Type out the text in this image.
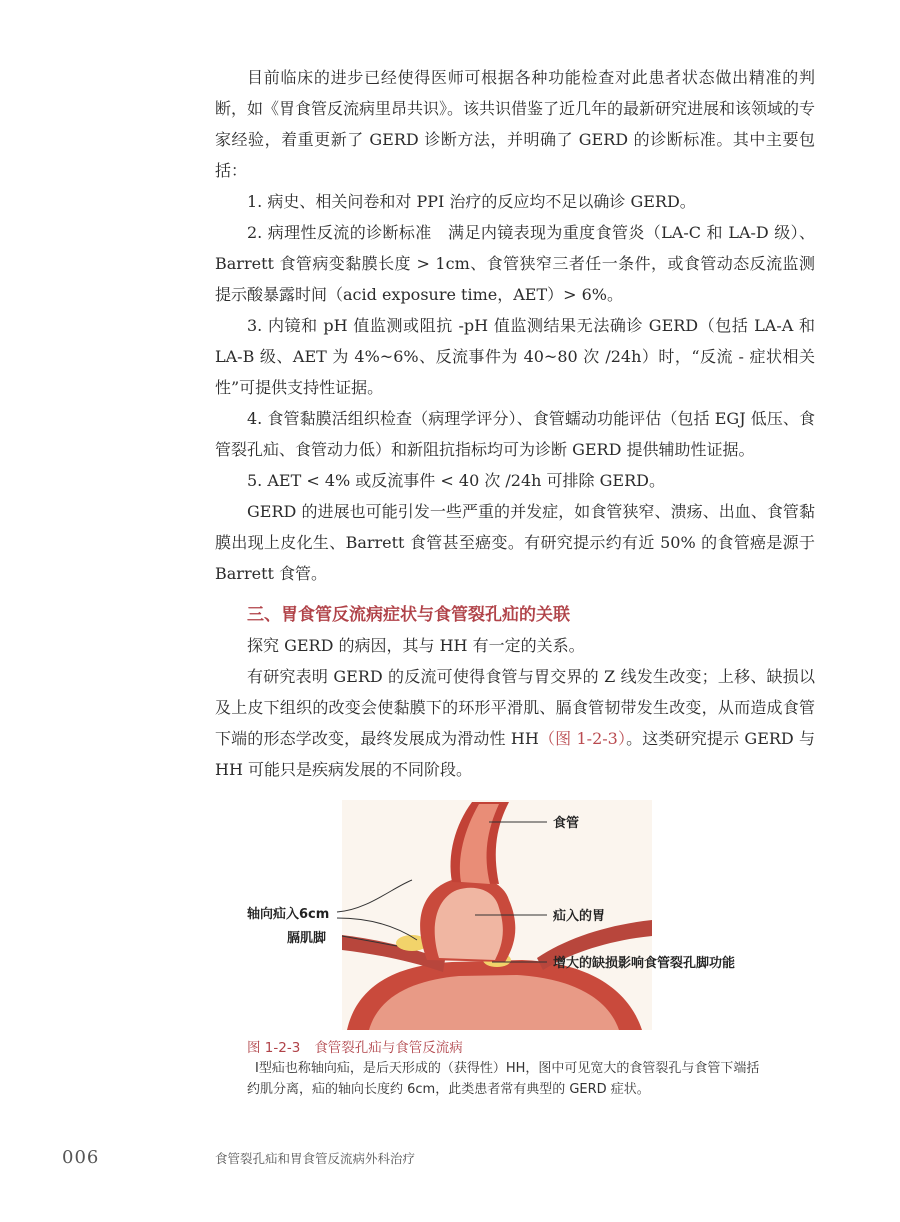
目前临床的进步已经使得医师可根据各种功能检查对此患者状态做出精准的判断，如《胃食管反流病里昂共识》。该共识借鉴了近几年的最新研究进展和该领域的专家经验，着重更新了 GERD 诊断方法，并明确了 GERD 的诊断标准。其中主要包括：

1. 病史、相关问卷和对 PPI 治疗的反应均不足以确诊 GERD。

2. 病理性反流的诊断标准　满足内镜表现为重度食管炎（LA-C 和 LA-D 级）、Barrett 食管病变黏膜长度 > 1cm、食管狭窄三者任一条件，或食管动态反流监测提示酸暴露时间（acid exposure time，AET）> 6%。

3. 内镜和 pH 值监测或阻抗 -pH 值监测结果无法确诊 GERD（包括 LA-A 和 LA-B 级、AET 为 4%~6%、反流事件为 40~80 次 /24h）时，“反流 - 症状相关性”可提供支持性证据。

4. 食管黏膜活组织检查（病理学评分）、食管蠕动功能评估（包括 EGJ 低压、食管裂孔疝、食管动力低）和新阻抗指标均可为诊断 GERD 提供辅助性证据。

5. AET < 4% 或反流事件 < 40 次 /24h 可排除 GERD。

GERD 的进展也可能引发一些严重的并发症，如食管狭窄、溃疡、出血、食管黏膜出现上皮化生、Barrett 食管甚至癌变。有研究提示约有近 50% 的食管癌是源于 Barrett 食管。

三、胃食管反流病症状与食管裂孔疝的关联

探究 GERD 的病因，其与 HH 有一定的关系。

有研究表明 GERD 的反流可使得食管与胃交界的 Z 线发生改变；上移、缺损以及上皮下组织的改变会使黏膜下的环形平滑肌、膈食管韧带发生改变，从而造成食管下端的形态学改变，最终发展成为滑动性 HH（图 1-2-3）。这类研究提示 GERD 与 HH 可能只是疾病发展的不同阶段。

食管
轴向疝入6cm
膈肌脚
疝入的胃
增大的缺损影响食管裂孔脚功能
图 1-2-3 食管裂孔疝与食管反流病
Ⅰ型疝也称轴向疝，是后天形成的（获得性）HH，图中可见宽大的食管裂孔与食管下端括约肌分离，疝的轴向长度约 6cm，此类患者常有典型的 GERD 症状。
006	食管裂孔疝和胃食管反流病外科治疗
